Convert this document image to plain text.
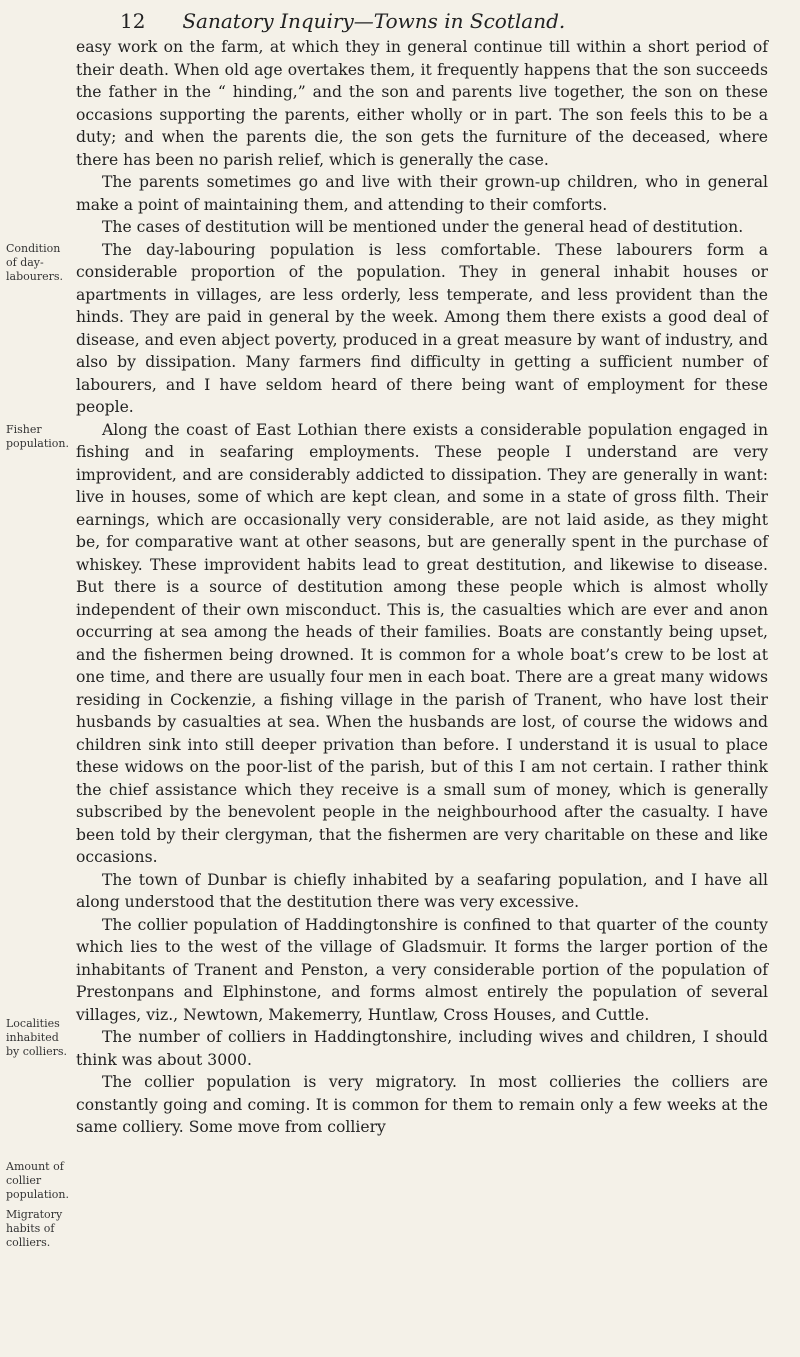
12 Sanatory Inquiry—Towns in Scotland.
Condition of day-labourers.
Fisher population.
Localities inhabited by colliers.
Amount of collier population.
Migratory habits of colliers.

easy work on the farm, at which they in general continue till within a short period of their death. When old age overtakes them, it frequently happens that the son succeeds the father in the “ hinding,” and the son and parents live together, the son on these occasions supporting the parents, either wholly or in part. The son feels this to be a duty; and when the parents die, the son gets the furniture of the deceased, where there has been no parish relief, which is generally the case.

The parents sometimes go and live with their grown-up children, who in general make a point of maintaining them, and attending to their comforts.

The cases of destitution will be mentioned under the general head of destitution.

The day-labouring population is less comfortable. These labourers form a considerable proportion of the population. They in general inhabit houses or apartments in villages, are less orderly, less temperate, and less provident than the hinds. They are paid in general by the week. Among them there exists a good deal of disease, and even abject poverty, produced in a great measure by want of industry, and also by dissipation. Many farmers find difficulty in getting a sufficient number of labourers, and I have seldom heard of there being want of employment for these people.

Along the coast of East Lothian there exists a considerable population engaged in fishing and in seafaring employments. These people I understand are very improvident, and are considerably addicted to dissipation. They are generally in want: live in houses, some of which are kept clean, and some in a state of gross filth. Their earnings, which are occasionally very considerable, are not laid aside, as they might be, for comparative want at other seasons, but are generally spent in the purchase of whiskey. These improvident habits lead to great destitution, and likewise to disease. But there is a source of destitution among these people which is almost wholly independent of their own misconduct. This is, the casualties which are ever and anon occurring at sea among the heads of their families. Boats are constantly being upset, and the fishermen being drowned. It is common for a whole boat’s crew to be lost at one time, and there are usually four men in each boat. There are a great many widows residing in Cockenzie, a fishing village in the parish of Tranent, who have lost their husbands by casualties at sea. When the husbands are lost, of course the widows and children sink into still deeper privation than before. I understand it is usual to place these widows on the poor-list of the parish, but of this I am not certain. I rather think the chief assistance which they receive is a small sum of money, which is generally subscribed by the benevolent people in the neighbourhood after the casualty. I have been told by their clergyman, that the fishermen are very charitable on these and like occasions.

The town of Dunbar is chiefly inhabited by a seafaring population, and I have all along understood that the destitution there was very excessive.

The collier population of Haddingtonshire is confined to that quarter of the county which lies to the west of the village of Gladsmuir. It forms the larger portion of the inhabitants of Tranent and Penston, a very considerable portion of the population of Prestonpans and Elphinstone, and forms almost entirely the population of several villages, viz., Newtown, Makemerry, Huntlaw, Cross Houses, and Cuttle.

The number of colliers in Haddingtonshire, including wives and children, I should think was about 3000.

The collier population is very migratory. In most collieries the colliers are constantly going and coming. It is common for them to remain only a few weeks at the same colliery. Some move from colliery
